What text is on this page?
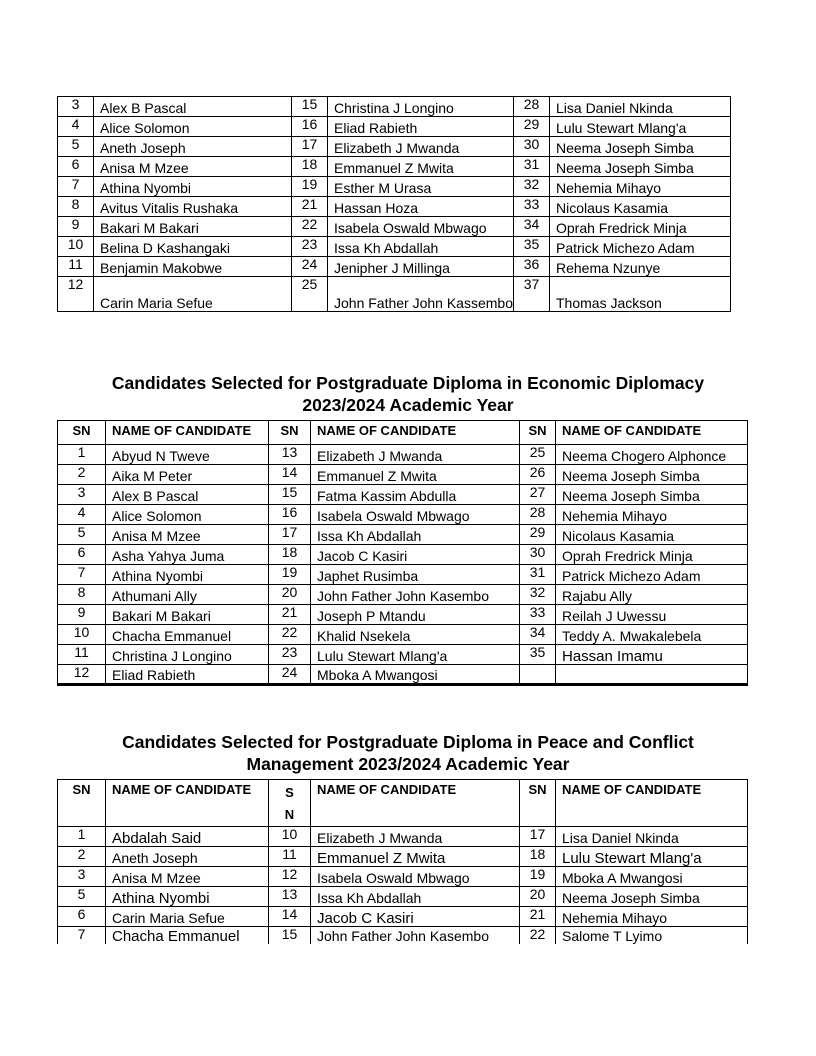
3	Alex B Pascal	15	Christina J Longino	28	Lisa Daniel Nkinda
4	Alice Solomon	16	Eliad Rabieth	29	Lulu Stewart Mlang'a
5	Aneth Joseph	17	Elizabeth J Mwanda	30	Neema Joseph Simba
6	Anisa M Mzee	18	Emmanuel Z Mwita	31	Neema Joseph Simba
7	Athina Nyombi	19	Esther M Urasa	32	Nehemia Mihayo
8	Avitus Vitalis Rushaka	21	Hassan Hoza	33	Nicolaus Kasamia
9	Bakari M Bakari	22	Isabela Oswald Mbwago	34	Oprah Fredrick Minja
10	Belina D Kashangaki	23	Issa Kh Abdallah	35	Patrick Michezo Adam
11	Benjamin Makobwe	24	Jenipher J Millinga	36	Rehema Nzunye
12	Carin Maria Sefue	25	John Father John Kassembo	37	Thomas Jackson
Candidates Selected for Postgraduate Diploma in Economic Diplomacy
2023/2024 Academic Year
SN	NAME OF CANDIDATE	SN	NAME OF CANDIDATE	SN	NAME OF CANDIDATE
1	Abyud N Tweve	13	Elizabeth J Mwanda	25	Neema Chogero Alphonce
2	Aika M Peter	14	Emmanuel Z Mwita	26	Neema Joseph Simba
3	Alex B Pascal	15	Fatma Kassim Abdulla	27	Neema Joseph Simba
4	Alice Solomon	16	Isabela Oswald Mbwago	28	Nehemia Mihayo
5	Anisa M Mzee	17	Issa Kh Abdallah	29	Nicolaus Kasamia
6	Asha Yahya Juma	18	Jacob C Kasiri	30	Oprah Fredrick Minja
7	Athina Nyombi	19	Japhet Rusimba	31	Patrick Michezo Adam
8	Athumani Ally	20	John Father John Kasembo	32	Rajabu Ally
9	Bakari M Bakari	21	Joseph P Mtandu	33	Reilah J Uwessu
10	Chacha Emmanuel	22	Khalid Nsekela	34	Teddy A. Mwakalebela
11	Christina J Longino	23	Lulu Stewart Mlang'a	35	Hassan Imamu
12	Eliad Rabieth	24	Mboka A Mwangosi		
Candidates Selected for Postgraduate Diploma in Peace and Conflict
Management 2023/2024 Academic Year
SN	NAME OF CANDIDATE	S N	NAME OF CANDIDATE	SN	NAME OF CANDIDATE
1	Abdalah Said	10	Elizabeth J Mwanda	17	Lisa Daniel Nkinda
2	Aneth Joseph	11	Emmanuel Z Mwita	18	Lulu Stewart Mlang'a
3	Anisa M Mzee	12	Isabela Oswald Mbwago	19	Mboka A Mwangosi
5	Athina Nyombi	13	Issa Kh Abdallah	20	Neema Joseph Simba
6	Carin Maria Sefue	14	Jacob C Kasiri	21	Nehemia Mihayo
7	Chacha Emmanuel	15	John Father John Kasembo	22	Salome T Lyimo
